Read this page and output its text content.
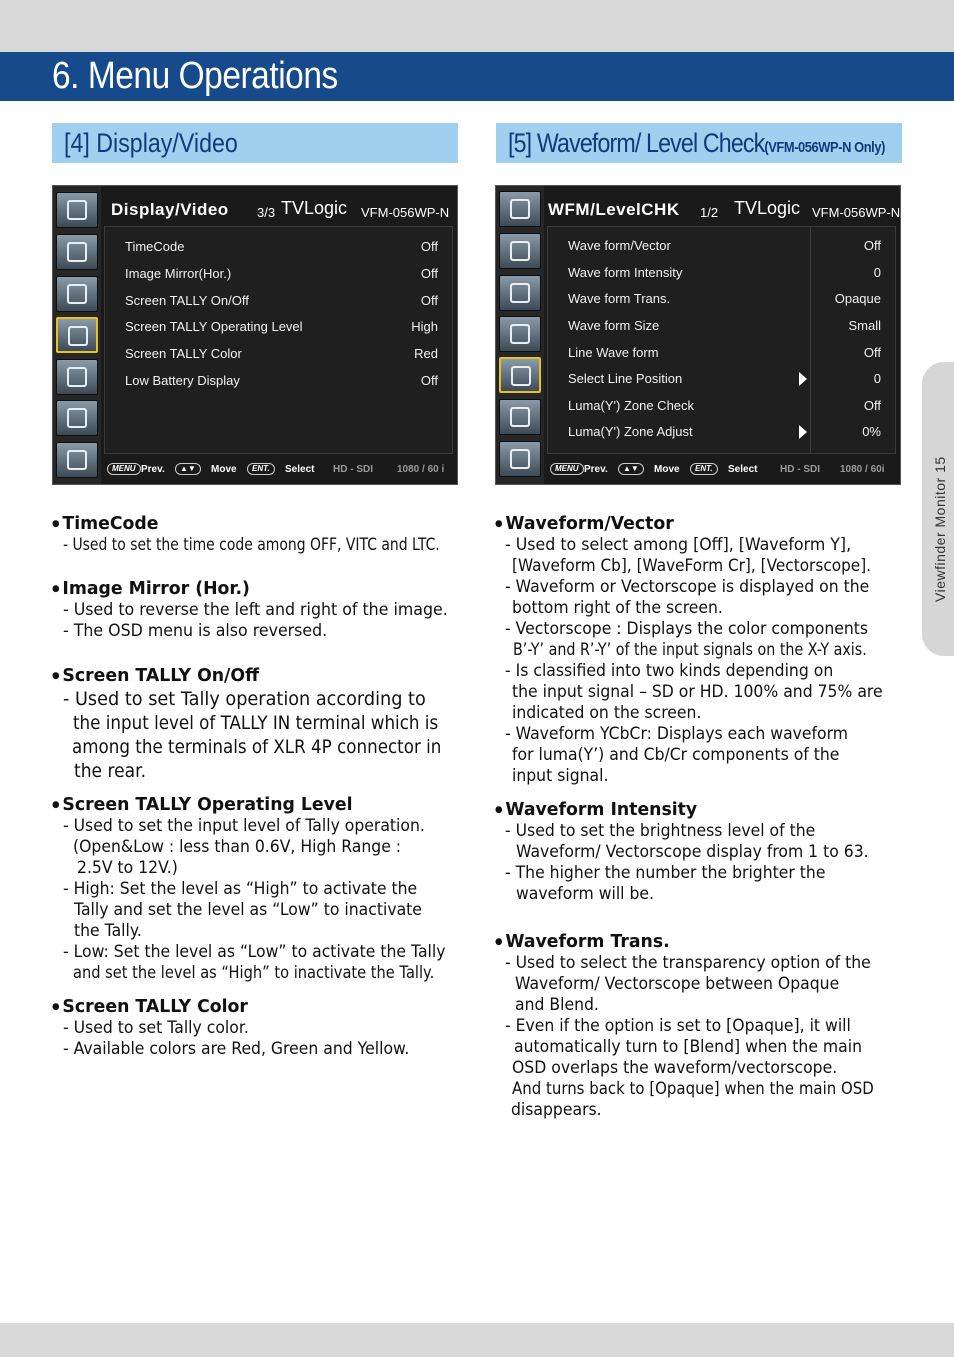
6. Menu Operations
[4] Display/Video	[5] Waveform/ Level Check(VFM-056WP-N Only)
Viewfinder Monitor 15
Display/Video 3/3 TVLogic VFM-056WP-N
TimeCode	Off
Image Mirror(Hor.)	Off
Screen TALLY On/Off	Off
Screen TALLY Operating Level	High
Screen TALLY Color	Red
Low Battery Display	Off
MENU Prev.	▲▼	Move	ENT.	Select HD - SDI 1080 / 60 i
WFM/LevelCHK 1/2 TVLogic VFM-056WP-N
Wave form/Vector	Off
Wave form Intensity	0
Wave form Trans.	Opaque
Wave form Size	Small
Line Wave form	Off
Select Line Position	0
Luma(Y') Zone Check	Off
Luma(Y') Zone Adjust	0%
MENU Prev.	▲▼	Move	ENT.	Select HD - SDI 1080 / 60i
● TimeCode
- Used to set the time code among OFF, VITC and LTC.
● Image Mirror (Hor.)
- Used to reverse the left and right of the image.
- The OSD menu is also reversed.
● Screen TALLY On/Off
- Used to set Tally operation according to
the input level of TALLY IN terminal which is
among the terminals of XLR 4P connector in
the rear.
● Screen TALLY Operating Level
- Used to set the input level of Tally operation.
(Open&Low : less than 0.6V, High Range :
2.5V to 12V.)
- High: Set the level as “High” to activate the
Tally and set the level as “Low” to inactivate
the Tally.
- Low: Set the level as “Low” to activate the Tally
and set the level as “High” to inactivate the Tally.
● Screen TALLY Color
- Used to set Tally color.
- Available colors are Red, Green and Yellow.
● Waveform/Vector
- Used to select among [Off], [Waveform Y],
[Waveform Cb], [WaveForm Cr], [Vectorscope].
- Waveform or Vectorscope is displayed on the
bottom right of the screen.
- Vectorscope : Displays the color components
B’-Y’ and R’-Y’ of the input signals on the X-Y axis.
- Is classified into two kinds depending on
the input signal – SD or HD. 100% and 75% are
indicated on the screen.
- Waveform YCbCr: Displays each waveform
for luma(Y’) and Cb/Cr components of the
input signal.
● Waveform Intensity
- Used to set the brightness level of the
Waveform/ Vectorscope display from 1 to 63.
- The higher the number the brighter the
waveform will be.
● Waveform Trans.
- Used to select the transparency option of the
Waveform/ Vectorscope between Opaque
and Blend.
- Even if the option is set to [Opaque], it will
automatically turn to [Blend] when the main
OSD overlaps the waveform/vectorscope.
And turns back to [Opaque] when the main OSD
disappears.
